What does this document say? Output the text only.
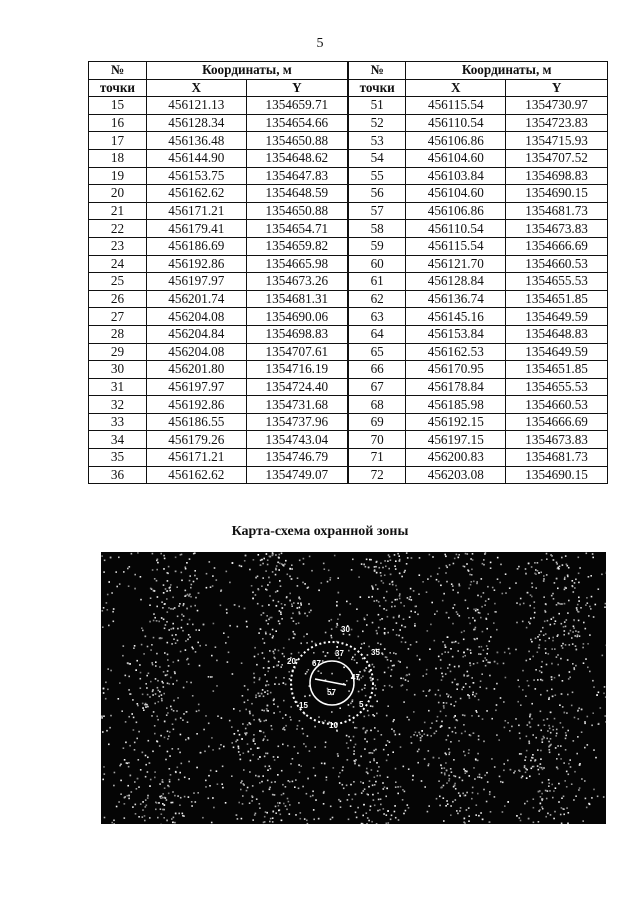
5
№	Координаты, м		№	Координаты, м	
точки	X	Y	точки	X	Y
15	456121.13	1354659.71	51	456115.54	1354730.97
16	456128.34	1354654.66	52	456110.54	1354723.83
17	456136.48	1354650.88	53	456106.86	1354715.93
18	456144.90	1354648.62	54	456104.60	1354707.52
19	456153.75	1354647.83	55	456103.84	1354698.83
20	456162.62	1354648.59	56	456104.60	1354690.15
21	456171.21	1354650.88	57	456106.86	1354681.73
22	456179.41	1354654.71	58	456110.54	1354673.83
23	456186.69	1354659.82	59	456115.54	1354666.69
24	456192.86	1354665.98	60	456121.70	1354660.53
25	456197.97	1354673.26	61	456128.84	1354655.53
26	456201.74	1354681.31	62	456136.74	1354651.85
27	456204.08	1354690.06	63	456145.16	1354649.59
28	456204.84	1354698.83	64	456153.84	1354648.83
29	456204.08	1354707.61	65	456162.53	1354649.59
30	456201.80	1354716.19	66	456170.95	1354651.85
31	456197.97	1354724.40	67	456178.84	1354655.53
32	456192.86	1354731.68	68	456185.98	1354660.53
33	456186.55	1354737.96	69	456192.15	1354666.69
34	456179.26	1354743.04	70	456197.15	1354673.83
35	456171.21	1354746.79	71	456200.83	1354681.73
36	456162.62	1354749.07	72	456203.08	1354690.15
Карта-схема охранной зоны
30
35
5
10
15
20
37
47
57
67
